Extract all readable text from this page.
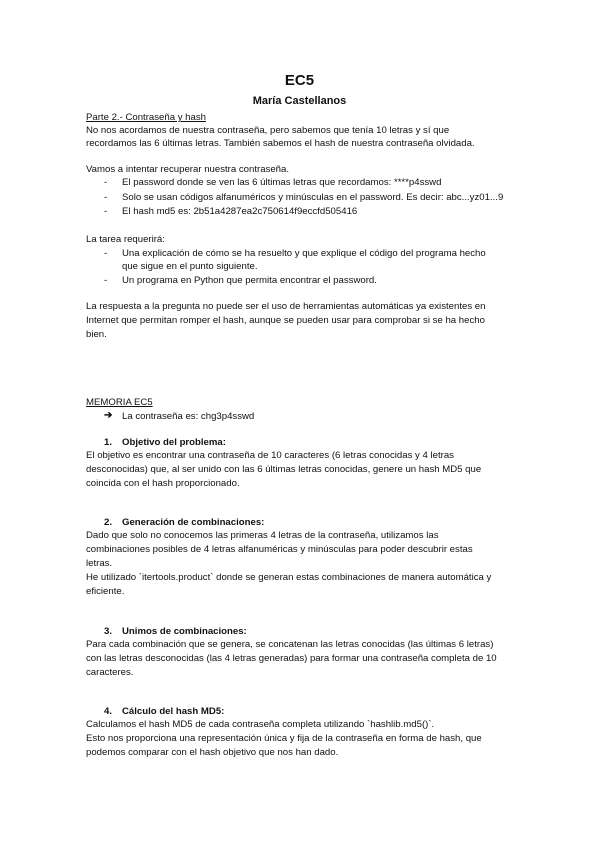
EC5
María Castellanos
Parte 2.- Contraseña y hash
No nos acordamos de nuestra contraseña, pero sabemos que tenía 10 letras y sí que
recordamos las 6 últimas letras. También sabemos el hash de nuestra contraseña olvidada.
Vamos a intentar recuperar nuestra contraseña.
- El password donde se ven las 6 últimas letras que recordamos: ****p4sswd
- Solo se usan códigos alfanuméricos y minúsculas en el password. Es decir: abc...yz01...9
- El hash md5 es: 2b51a4287ea2c750614f9eccfd505416
La tarea requerirá:
- Una explicación de cómo se ha resuelto y que explique el código del programa hecho
que sigue en el punto siguiente.
- Un programa en Python que permita encontrar el password.
La respuesta a la pregunta no puede ser el uso de herramientas automáticas ya existentes en
Internet que permitan romper el hash, aunque se pueden usar para comprobar si se ha hecho
bien.
MEMORIA EC5
➔ La contraseña es: chg3p4sswd
1. Objetivo del problema:
El objetivo es encontrar una contraseña de 10 caracteres (6 letras conocidas y 4 letras
desconocidas) que, al ser unido con las 6 últimas letras conocidas, genere un hash MD5 que
coincida con el hash proporcionado.
2. Generación de combinaciones:
Dado que solo no conocemos las primeras 4 letras de la contraseña, utilizamos las
combinaciones posibles de 4 letras alfanuméricas y minúsculas para poder descubrir estas
letras.
He utilizado `itertools.product` donde se generan estas combinaciones de manera automática y
eficiente.
3. Unimos de combinaciones:
Para cada combinación que se genera, se concatenan las letras conocidas (las últimas 6 letras)
con las letras desconocidas (las 4 letras generadas) para formar una contraseña completa de 10
caracteres.
4. Cálculo del hash MD5:
Calculamos el hash MD5 de cada contraseña completa utilizando `hashlib.md5()`.
Esto nos proporciona una representación única y fija de la contraseña en forma de hash, que
podemos comparar con el hash objetivo que nos han dado.
